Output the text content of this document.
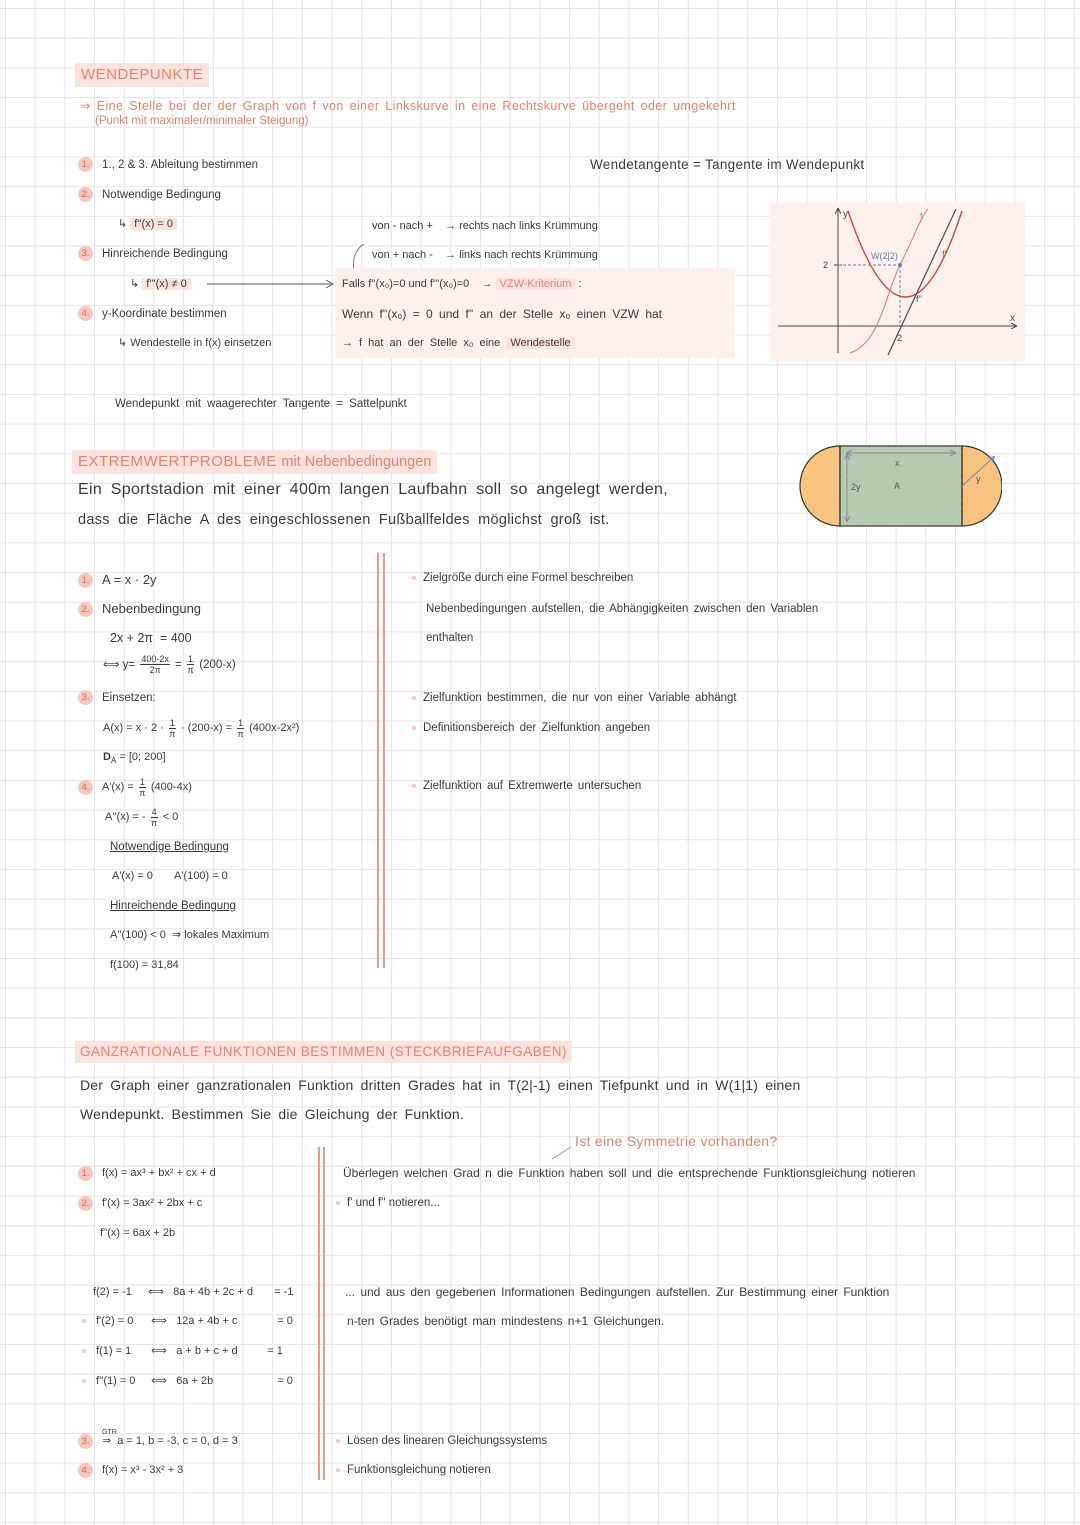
WENDEPUNKTE
⇒ Eine Stelle bei der der Graph von f von einer Linkskurve in eine Rechtskurve übergeht oder umgekehrt
(Punkt mit maximaler/minimaler Steigung)
1. 1., 2 & 3. Ableitung bestimmen	Wendetangente = Tangente im Wendepunkt
2. Notwendige Bedingung
↳ f''(x) = 0	von - nach + → rechts nach links Krümmung
3. Hinreichende Bedingung	von + nach - → links nach rechts Krümmung
↳ f'''(x) ≠ 0	Falls f''(x₀)=0 und f'''(x₀)=0 → VZW-Kriterium :
4. y-Koordinate bestimmen	Wenn f''(x₀) = 0 und f'' an der Stelle x₀ einen VZW hat
↳ Wendestelle in f(x) einsetzen	→ f hat an der Stelle x₀ eine Wendestelle
y
x
2
2
W(2|2)
f
f'
f''
Wendepunkt mit waagerechter Tangente = Sattelpunkt
EXTREMWERTPROBLEME mit Nebenbedingungen
Ein Sportstadion mit einer 400m langen Laufbahn soll so angelegt werden,
dass die Fläche A des eingeschlossenen Fußballfeldes möglichst groß ist.
x
A
2y
y
1. A = x · 2y
2. Nebenbedingung
2x + 2π  = 400
⟺ $y= \frac{400-2x}{2\pi} = \frac{1}{\pi} (200-x)$
3. Einsetzen:
$A(x) = x \cdot 2 \cdot \frac{1}{\pi} \cdot (200-x) = \frac{1}{\pi} (400x-2x^2)$
$D_A = [0$; 200]
4. $A'(x) = \frac{1}{\pi} (400-4x)$
A''(x) = - $\frac{4}{\pi} < 0$
Notwendige Bedingung
A'(x) = 0 A'(100) = 0
Hinreichende Bedingung
A''(100) < 0  ⇒ lokales Maximum
f(100) = 31,84
Zielgröße durch eine Formel beschreiben
Nebenbedingungen aufstellen, die Abhängigkeiten zwischen den Variablen
enthalten
Zielfunktion bestimmen, die nur von einer Variable abhängt
Definitionsbereich der Zielfunktion angeben
Zielfunktion auf Extremwerte untersuchen
GANZRATIONALE FUNKTIONEN BESTIMMEN (STECKBRIEFAUFGABEN)
Der Graph einer ganzrationalen Funktion dritten Grades hat in T(2|-1) einen Tiefpunkt und in W(1|1) einen
Wendepunkt. Bestimmen Sie die Gleichung der Funktion.
Ist eine Symmetrie vorhanden?
1. f(x) = ax³ + bx² + cx + d	Überlegen welchen Grad n die Funktion haben soll und die entsprechende Funktionsgleichung notieren
2. f'(x) = 3ax² + 2bx + c	f' und f'' notieren...
f''(x) = 6ax + 2b
f(2) = -1 ⟺ 8a + 4b + 2c + d = -1	... und aus den gegebenen Informationen Bedingungen aufstellen. Zur Bestimmung einer Funktion
f'(2) = 0 ⟺ 12a + 4b + c	= 0	n-ten Grades benötigt man mindestens n+1 Gleichungen.
f(1) = 1 ⟺ a + b + c + d	= 1
f''(1) = 0 ⟺ 6a + 2b	= 0
3.
GTR
⇒ a = 1, b = -3, c = 0, d = 3	Lösen des linearen Gleichungssystems
4. f(x) = x³ - 3x² + 3	Funktionsgleichung notieren
